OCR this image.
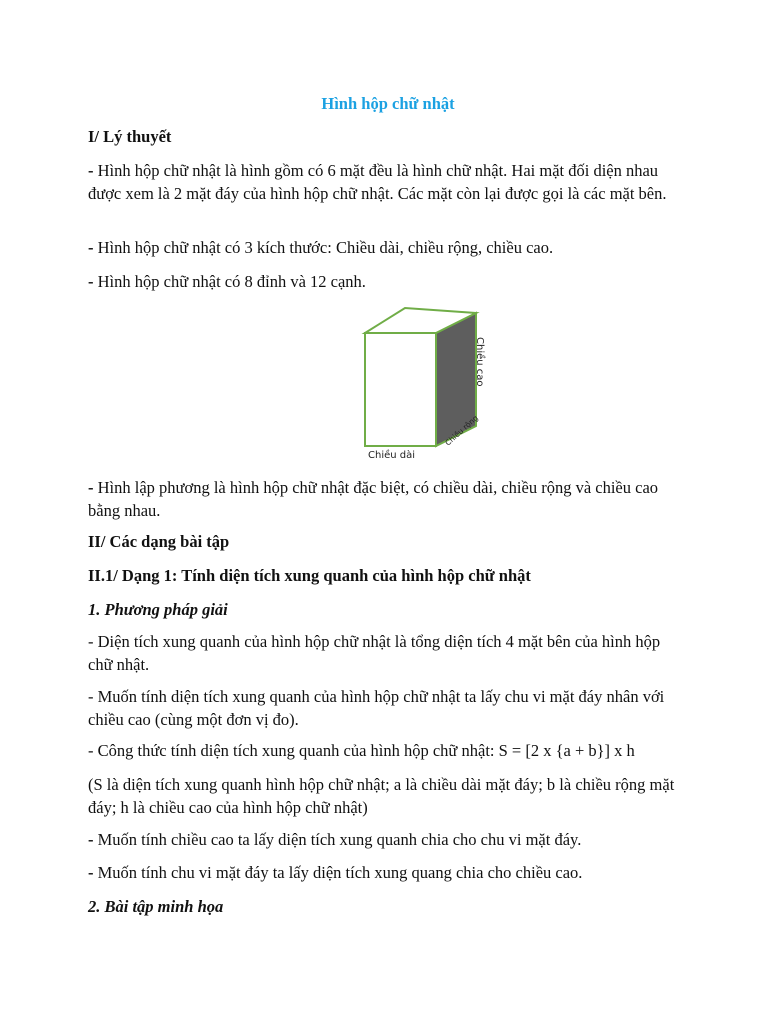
Hình hộp chữ nhật
I/ Lý thuyết
- Hình hộp chữ nhật là hình gồm có 6 mặt đều là hình chữ nhật. Hai mặt đối diện nhau được xem là 2 mặt đáy của hình hộp chữ nhật. Các mặt còn lại được gọi là các mặt bên.
- Hình hộp chữ nhật có 3 kích thước: Chiều dài, chiều rộng, chiều cao.
- Hình hộp chữ nhật có 8 đỉnh và 12 cạnh.
Chiều dài
Chiều rộng
Chiều cao
- Hình lập phương là hình hộp chữ nhật đặc biệt, có chiều dài, chiều rộng và chiều cao bằng nhau.
II/ Các dạng bài tập
II.1/ Dạng 1: Tính diện tích xung quanh của hình hộp chữ nhật
1. Phương pháp giải
- Diện tích xung quanh của hình hộp chữ nhật là tổng diện tích 4 mặt bên của hình hộp chữ nhật.
- Muốn tính diện tích xung quanh của hình hộp chữ nhật ta lấy chu vi mặt đáy nhân với chiều cao (cùng một đơn vị đo).
- Công thức tính diện tích xung quanh của hình hộp chữ nhật: S = [2 x {a + b}] x h
(S là diện tích xung quanh hình hộp chữ nhật; a là chiều dài mặt đáy; b là chiều rộng mặt đáy; h là chiều cao của hình hộp chữ nhật)
- Muốn tính chiều cao ta lấy diện tích xung quanh chia cho chu vi mặt đáy.
- Muốn tính chu vi mặt đáy ta lấy diện tích xung quang chia cho chiều cao.
2. Bài tập minh họa
